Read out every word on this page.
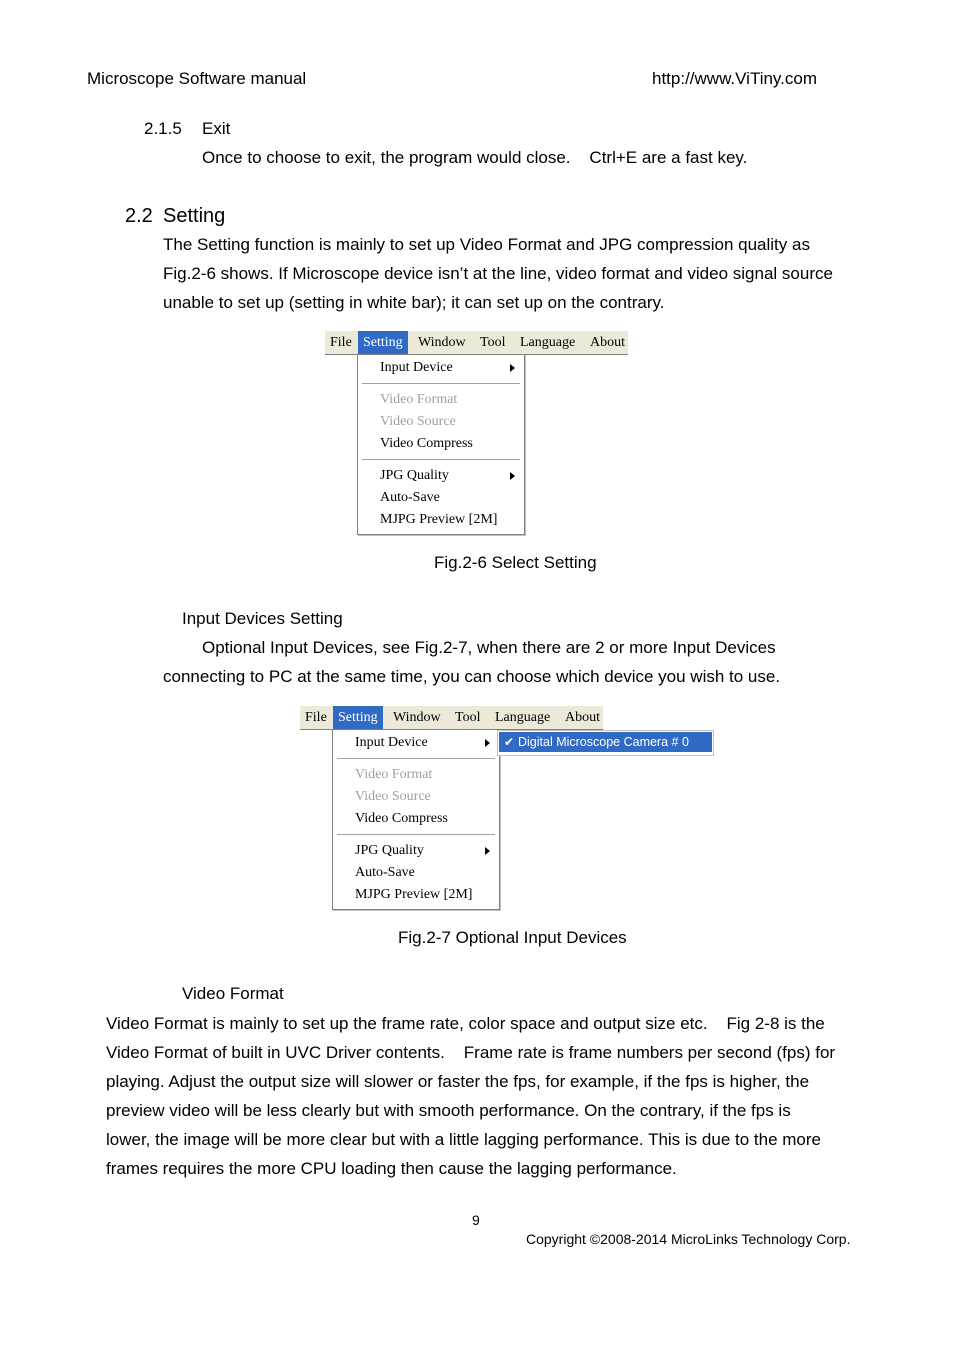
Microscope Software manual	http://www.ViTiny.com
2.1.5 Exit
Once to choose to exit, the program would close.    Ctrl+E are a fast key.
2.2 Setting

The Setting function is mainly to set up Video Format and JPG compression quality as

Fig.2-6 shows. If Microscope device isn’t at the line, video format and video signal source

unable to set up (setting in white bar); it can set up on the contrary.

File Setting	Window	Tool	Language	About
Input Device
Video Format
Video Source
Video Compress
JPG Quality
Auto-Save
MJPG Preview [2M]
Fig.2-6 Select Setting
Input Devices Setting
Optional Input Devices, see Fig.2-7, when there are 2 or more Input Devices
connecting to PC at the same time, you can choose which device you wish to use.
File Setting	Window	Tool	Language	About
Input Device
Video Format
Video Source
Video Compress
JPG Quality
Auto-Save
MJPG Preview [2M]
✔ Digital Microscope Camera # 0
Fig.2-7 Optional Input Devices
Video Format

Video Format is mainly to set up the frame rate, color space and output size etc.    Fig 2-8 is the

Video Format of built in UVC Driver contents.    Frame rate is frame numbers per second (fps) for

playing. Adjust the output size will slower or faster the fps, for example, if the fps is higher, the

preview video will be less clearly but with smooth performance. On the contrary, if the fps is

lower, the image will be more clear but with a little lagging performance. This is due to the more

frames requires the more CPU loading then cause the lagging performance.

9
Copyright ©2008-2014 MicroLinks Technology Corp.
